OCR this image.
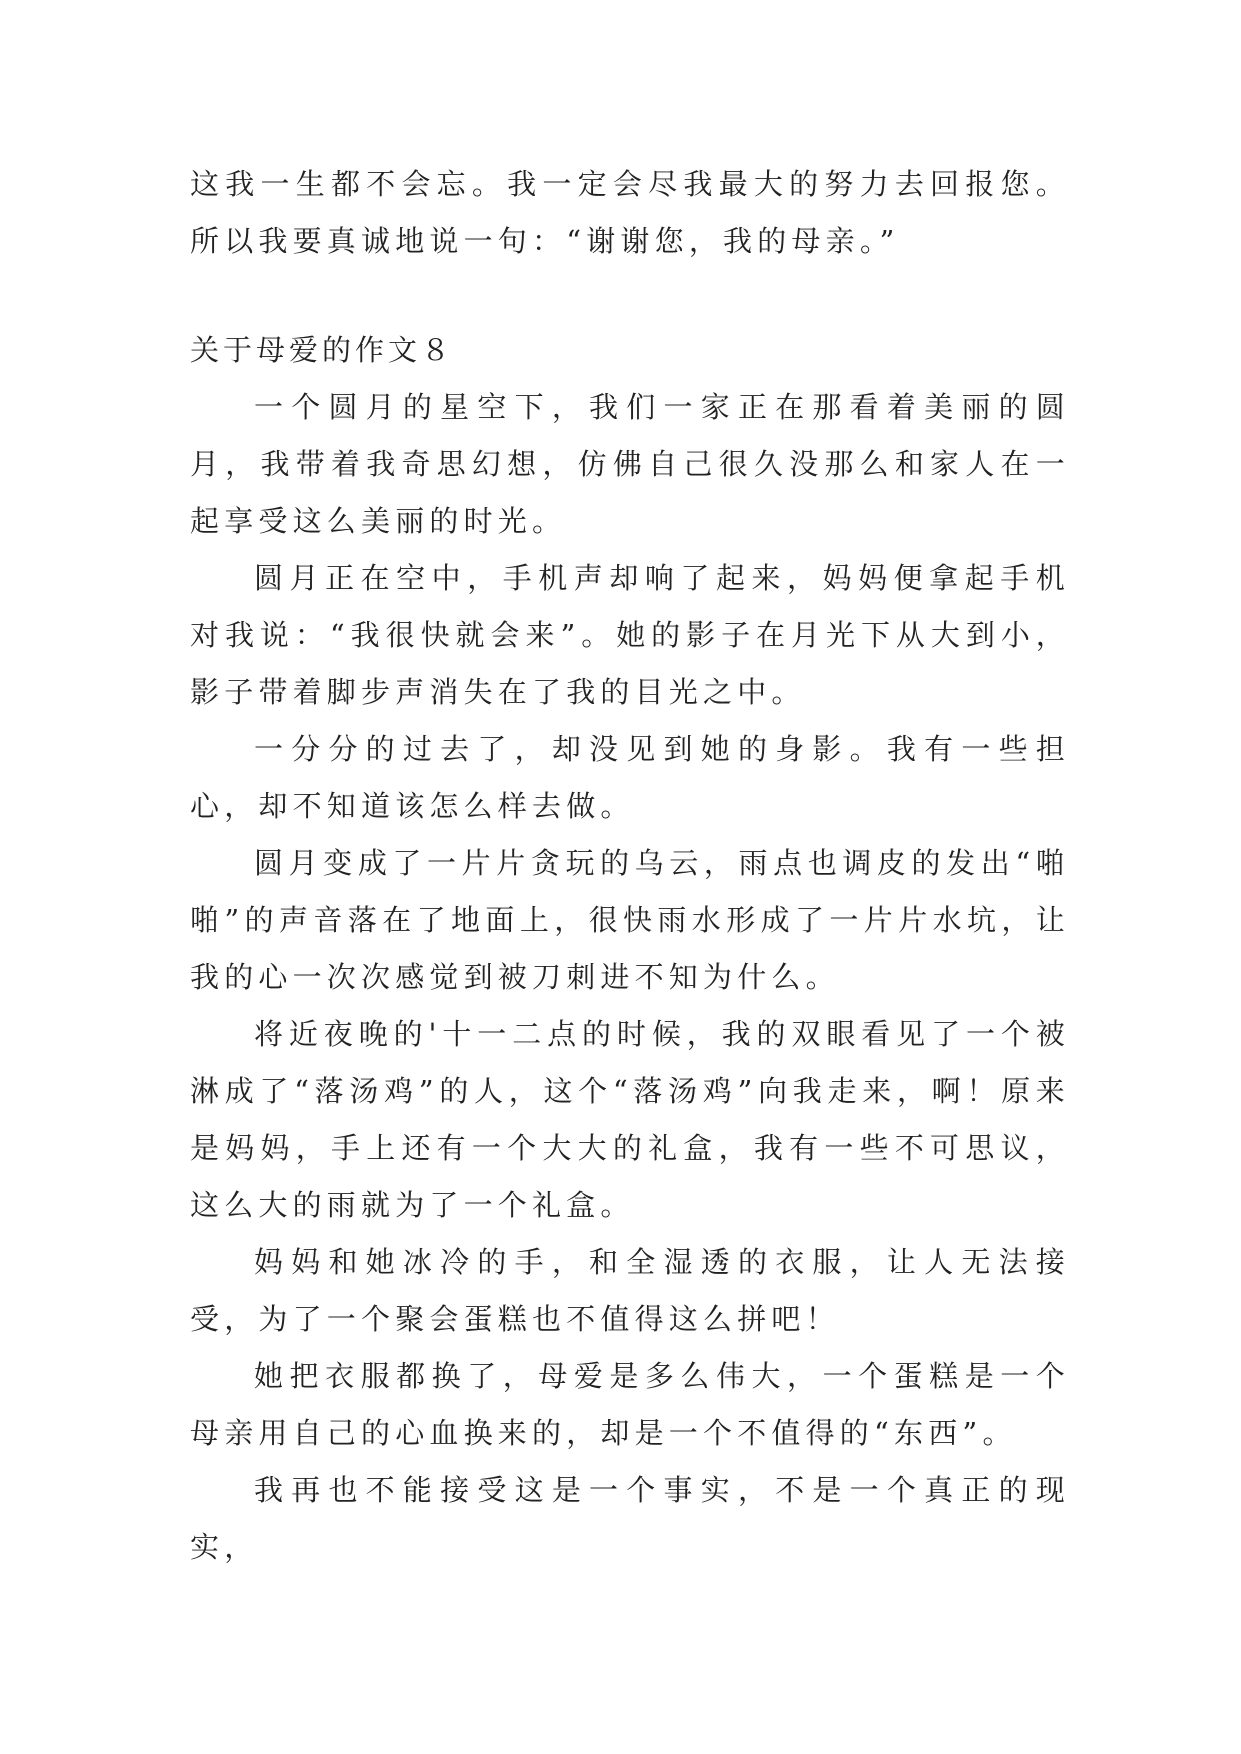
这我一生都不会忘。我一定会尽我最大的努力去回报您。所以我要真诚地说一句：“谢谢您，我的母亲。”

关于母爱的作文８

一个圆月的星空下，我们一家正在那看着美丽的圆月，我带着我奇思幻想，仿佛自己很久没那么和家人在一起享受这么美丽的时光。

圆月正在空中，手机声却响了起来，妈妈便拿起手机对我说：“我很快就会来”。她的影子在月光下从大到小，影子带着脚步声消失在了我的目光之中。

一分分的过去了，却没见到她的身影。我有一些担心，却不知道该怎么样去做。

圆月变成了一片片贪玩的乌云，雨点也调皮的发出“啪啪”的声音落在了地面上，很快雨水形成了一片片水坑，让我的心一次次感觉到被刀刺进不知为什么。

将近夜晚的'十一二点的时候，我的双眼看见了一个被淋成了“落汤鸡”的人，这个“落汤鸡”向我走来，啊！原来是妈妈，手上还有一个大大的礼盒，我有一些不可思议，这么大的雨就为了一个礼盒。

妈妈和她冰冷的手，和全湿透的衣服，让人无法接受，为了一个聚会蛋糕也不值得这么拼吧！

她把衣服都换了，母爱是多么伟大，一个蛋糕是一个母亲用自己的心血换来的，却是一个不值得的“东西”。

我再也不能接受这是一个事实，不是一个真正的现实，
